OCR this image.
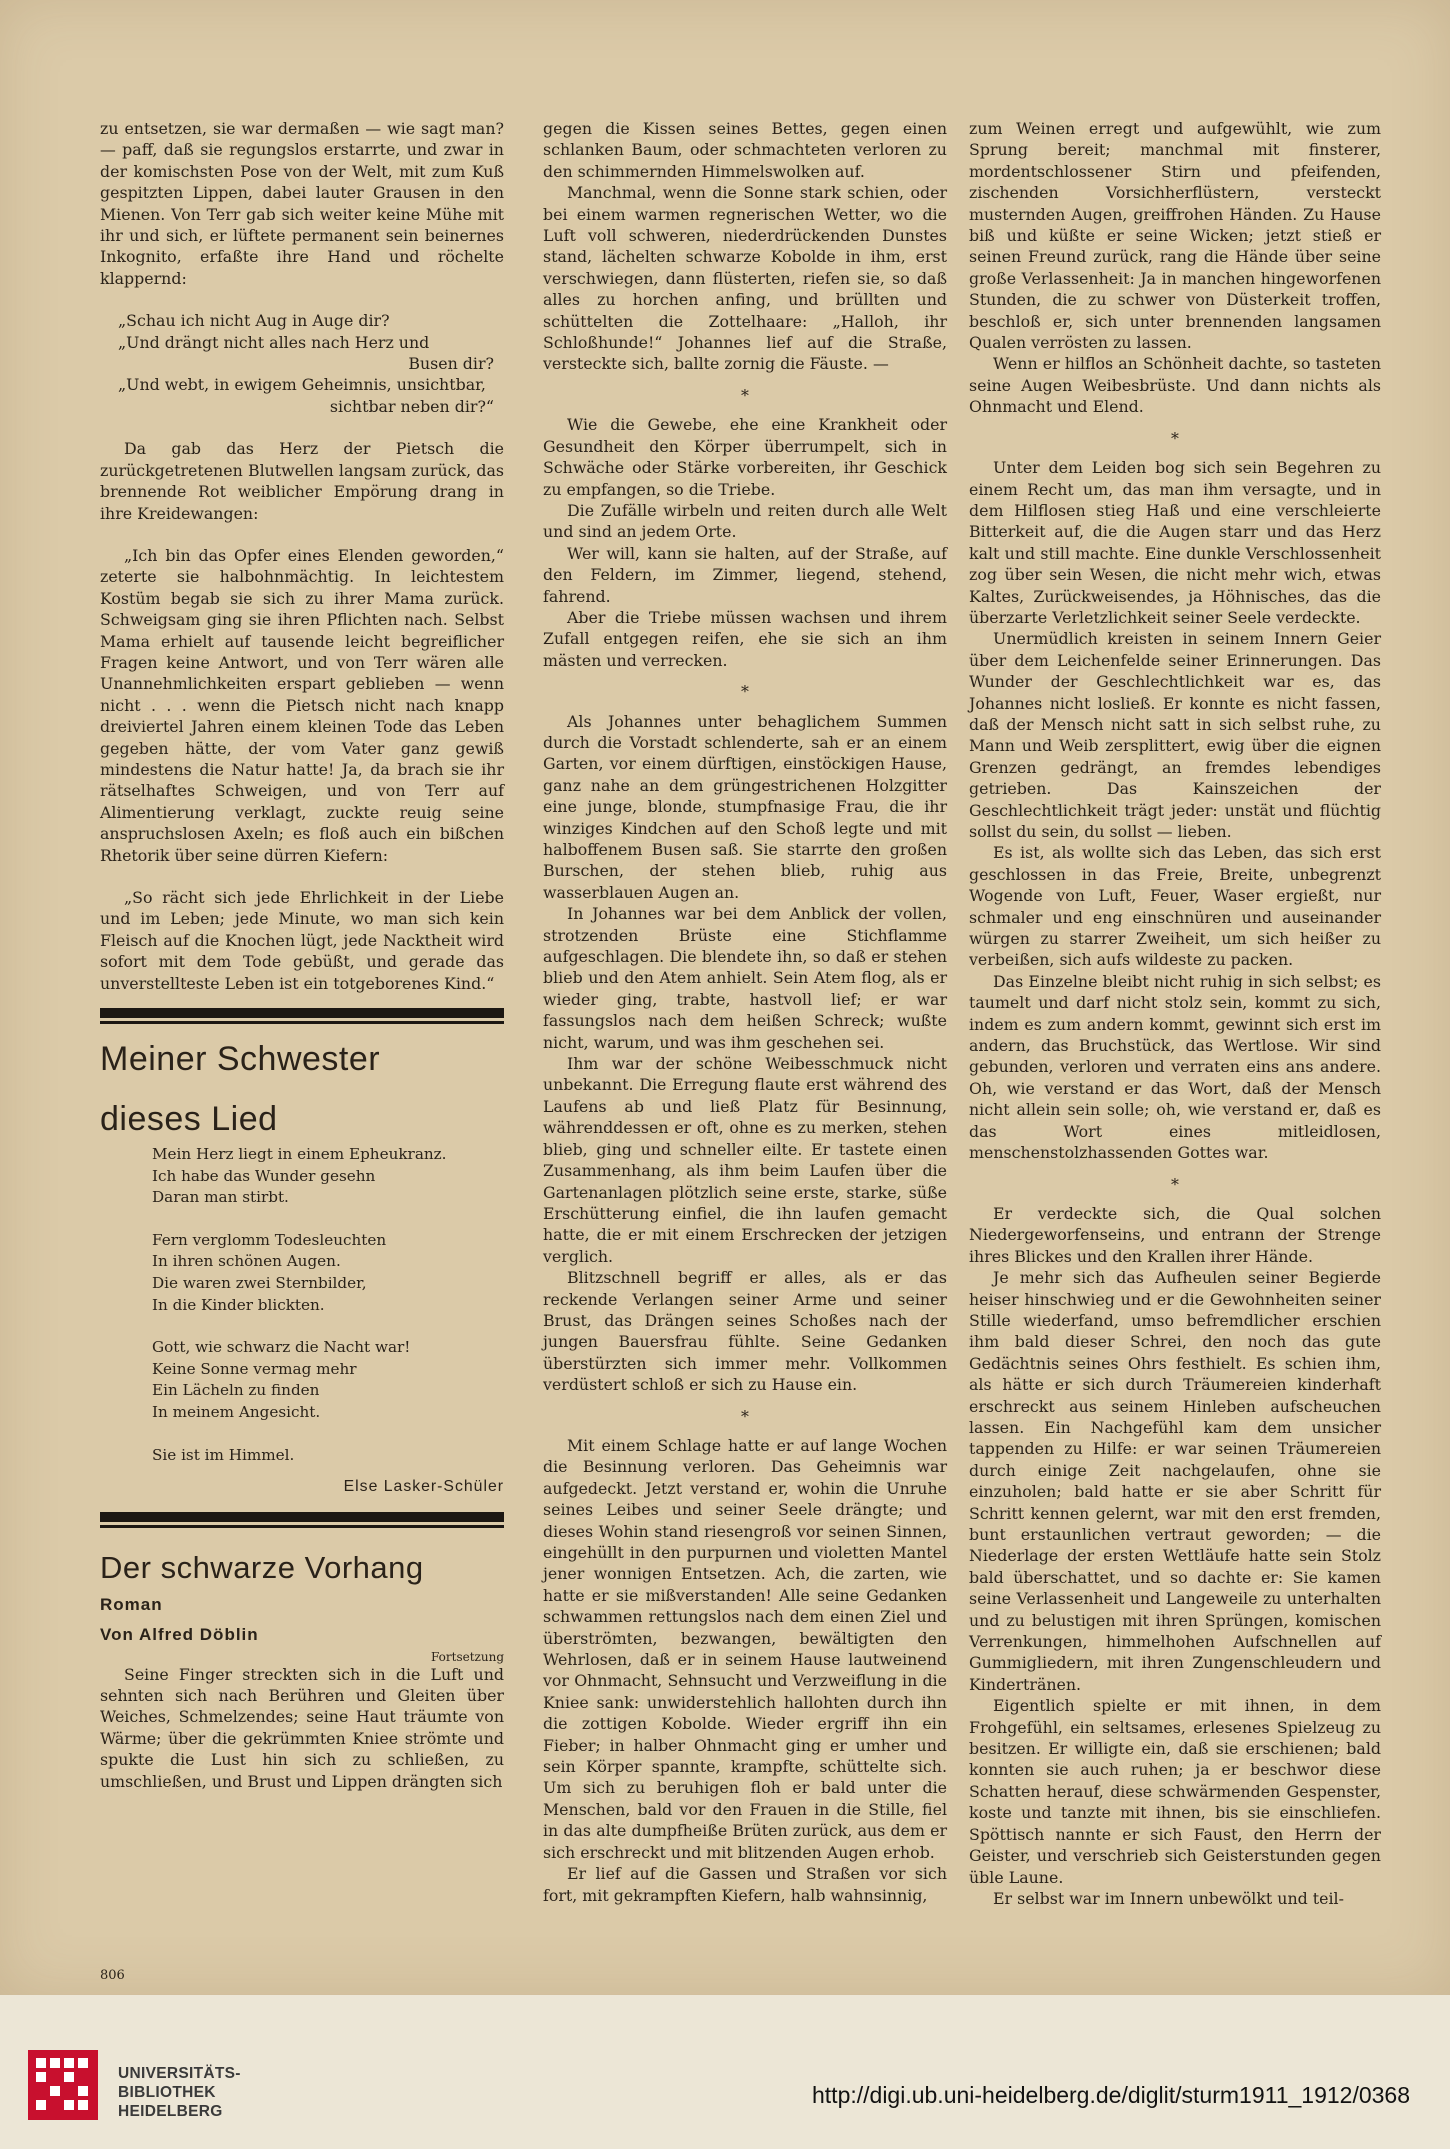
zu entsetzen, sie war dermaßen — wie sagt man? — paff, daß sie regungslos erstarrte, und zwar in der komischsten Pose von der Welt, mit zum Kuß gespitzten Lippen, dabei lauter Grausen in den Mienen. Von Terr gab sich weiter keine Mühe mit ihr und sich, er lüftete permanent sein beinernes Inkognito, erfaßte ihre Hand und röchelte klappernd:

„Schau ich nicht Aug in Auge dir?
„Und drängt nicht alles nach Herz und
Busen dir?
„Und webt, in ewigem Geheimnis, unsichtbar,
sichtbar neben dir?“

Da gab das Herz der Pietsch die zurückgetretenen Blutwellen langsam zurück, das brennende Rot weiblicher Empörung drang in ihre Kreidewangen:

„Ich bin das Opfer eines Elenden geworden,“ zeterte sie halbohnmächtig. In leichtestem Kostüm begab sie sich zu ihrer Mama zurück. Schweigsam ging sie ihren Pflichten nach. Selbst Mama erhielt auf tausende leicht begreiflicher Fragen keine Antwort, und von Terr wären alle Unannehmlichkeiten erspart geblieben — wenn nicht . . . wenn die Pietsch nicht nach knapp dreiviertel Jahren einem kleinen Tode das Leben gegeben hätte, der vom Vater ganz gewiß mindestens die Natur hatte! Ja, da brach sie ihr rätselhaftes Schweigen, und von Terr auf Alimentierung verklagt, zuckte reuig seine anspruchslosen Axeln; es floß auch ein bißchen Rhetorik über seine dürren Kiefern:

„So rächt sich jede Ehrlichkeit in der Liebe und im Leben; jede Minute, wo man sich kein Fleisch auf die Knochen lügt, jede Nacktheit wird sofort mit dem Tode gebüßt, und gerade das unverstellteste Leben ist ein totgeborenes Kind.“

Meiner Schwester
dieses Lied
Mein Herz liegt in einem Epheukranz.
Ich habe das Wunder gesehn
Daran man stirbt.
Fern verglomm Todesleuchten
In ihren schönen Augen.
Die waren zwei Sternbilder,
In die Kinder blickten.
Gott, wie schwarz die Nacht war!
Keine Sonne vermag mehr
Ein Lächeln zu finden
In meinem Angesicht.
Sie ist im Himmel.
Else Lasker-Schüler
Der schwarze Vorhang
Roman
Von Alfred Döblin
Fortsetzung

Seine Finger streckten sich in die Luft und sehnten sich nach Berühren und Gleiten über Weiches, Schmelzendes; seine Haut träumte von Wärme; über die gekrümmten Kniee strömte und spukte die Lust hin sich zu schließen, zu umschließen, und Brust und Lippen drängten sich

gegen die Kissen seines Bettes, gegen einen schlanken Baum, oder schmachteten verloren zu den schimmernden Himmelswolken auf.

Manchmal, wenn die Sonne stark schien, oder bei einem warmen regnerischen Wetter, wo die Luft voll schweren, niederdrückenden Dunstes stand, lächelten schwarze Kobolde in ihm, erst verschwiegen, dann flüsterten, riefen sie, so daß alles zu horchen anfing, und brüllten und schüttelten die Zottelhaare: „Halloh, ihr Schloßhunde!“ Johannes lief auf die Straße, versteckte sich, ballte zornig die Fäuste. —

*

Wie die Gewebe, ehe eine Krankheit oder Gesundheit den Körper überrumpelt, sich in Schwäche oder Stärke vorbereiten, ihr Geschick zu empfangen, so die Triebe.

Die Zufälle wirbeln und reiten durch alle Welt und sind an jedem Orte.

Wer will, kann sie halten, auf der Straße, auf den Feldern, im Zimmer, liegend, stehend, fahrend.

Aber die Triebe müssen wachsen und ihrem Zufall entgegen reifen, ehe sie sich an ihm mästen und verrecken.

*

Als Johannes unter behaglichem Summen durch die Vorstadt schlenderte, sah er an einem Garten, vor einem dürftigen, einstöckigen Hause, ganz nahe an dem grüngestrichenen Holzgitter eine junge, blonde, stumpfnasige Frau, die ihr winziges Kindchen auf den Schoß legte und mit halboffenem Busen saß. Sie starrte den großen Burschen, der stehen blieb, ruhig aus wasserblauen Augen an.

In Johannes war bei dem Anblick der vollen, strotzenden Brüste eine Stichflamme aufgeschlagen. Die blendete ihn, so daß er stehen blieb und den Atem anhielt. Sein Atem flog, als er wieder ging, trabte, hastvoll lief; er war fassungslos nach dem heißen Schreck; wußte nicht, warum, und was ihm geschehen sei.

Ihm war der schöne Weibesschmuck nicht unbekannt. Die Erregung flaute erst während des Laufens ab und ließ Platz für Besinnung, währenddessen er oft, ohne es zu merken, stehen blieb, ging und schneller eilte. Er tastete einen Zusammenhang, als ihm beim Laufen über die Gartenanlagen plötzlich seine erste, starke, süße Erschütterung einfiel, die ihn laufen gemacht hatte, die er mit einem Erschrecken der jetzigen verglich.

Blitzschnell begriff er alles, als er das reckende Verlangen seiner Arme und seiner Brust, das Drängen seines Schoßes nach der jungen Bauersfrau fühlte. Seine Gedanken überstürzten sich immer mehr. Vollkommen verdüstert schloß er sich zu Hause ein.

*

Mit einem Schlage hatte er auf lange Wochen die Besinnung verloren. Das Geheimnis war aufgedeckt. Jetzt verstand er, wohin die Unruhe seines Leibes und seiner Seele drängte; und dieses Wohin stand riesengroß vor seinen Sinnen, eingehüllt in den purpurnen und violetten Mantel jener wonnigen Entsetzen. Ach, die zarten, wie hatte er sie mißverstanden! Alle seine Gedanken schwammen rettungslos nach dem einen Ziel und überströmten, bezwangen, bewältigten den Wehrlosen, daß er in seinem Hause lautweinend vor Ohnmacht, Sehnsucht und Verzweiflung in die Kniee sank: unwiderstehlich hallohten durch ihn die zottigen Kobolde. Wieder ergriff ihn ein Fieber; in halber Ohnmacht ging er umher und sein Körper spannte, krampfte, schüttelte sich. Um sich zu beruhigen floh er bald unter die Menschen, bald vor den Frauen in die Stille, fiel in das alte dumpfheiße Brüten zurück, aus dem er sich erschreckt und mit blitzenden Augen erhob.

Er lief auf die Gassen und Straßen vor sich fort, mit gekrampften Kiefern, halb wahnsinnig,

zum Weinen erregt und aufgewühlt, wie zum Sprung bereit; manchmal mit finsterer, mordentschlossener Stirn und pfeifenden, zischenden Vorsichherflüstern, versteckt musternden Augen, greiffrohen Händen. Zu Hause biß und küßte er seine Wicken; jetzt stieß er seinen Freund zurück, rang die Hände über seine große Verlassenheit: Ja in manchen hingeworfenen Stunden, die zu schwer von Düsterkeit troffen, beschloß er, sich unter brennenden langsamen Qualen verrösten zu lassen.

Wenn er hilflos an Schönheit dachte, so tasteten seine Augen Weibesbrüste. Und dann nichts als Ohnmacht und Elend.

*

Unter dem Leiden bog sich sein Begehren zu einem Recht um, das man ihm versagte, und in dem Hilflosen stieg Haß und eine verschleierte Bitterkeit auf, die die Augen starr und das Herz kalt und still machte. Eine dunkle Verschlossenheit zog über sein Wesen, die nicht mehr wich, etwas Kaltes, Zurückweisendes, ja Höhnisches, das die überzarte Verletzlichkeit seiner Seele verdeckte.

Unermüdlich kreisten in seinem Innern Geier über dem Leichenfelde seiner Erinnerungen. Das Wunder der Geschlechtlichkeit war es, das Johannes nicht losließ. Er konnte es nicht fassen, daß der Mensch nicht satt in sich selbst ruhe, zu Mann und Weib zersplittert, ewig über die eignen Grenzen gedrängt, an fremdes lebendiges getrieben. Das Kainszeichen der Geschlechtlichkeit trägt jeder: unstät und flüchtig sollst du sein, du sollst — lieben.

Es ist, als wollte sich das Leben, das sich erst geschlossen in das Freie, Breite, unbegrenzt Wogende von Luft, Feuer, Waser ergießt, nur schmaler und eng einschnüren und auseinander würgen zu starrer Zweiheit, um sich heißer zu verbeißen, sich aufs wildeste zu packen.

Das Einzelne bleibt nicht ruhig in sich selbst; es taumelt und darf nicht stolz sein, kommt zu sich, indem es zum andern kommt, gewinnt sich erst im andern, das Bruchstück, das Wertlose. Wir sind gebunden, verloren und verraten eins ans andere. Oh, wie verstand er das Wort, daß der Mensch nicht allein sein solle; oh, wie verstand er, daß es das Wort eines mitleidlosen, menschenstolzhassenden Gottes war.

*

Er verdeckte sich, die Qual solchen Niedergeworfenseins, und entrann der Strenge ihres Blickes und den Krallen ihrer Hände.

Je mehr sich das Aufheulen seiner Begierde heiser hinschwieg und er die Gewohnheiten seiner Stille wiederfand, umso befremdlicher erschien ihm bald dieser Schrei, den noch das gute Gedächtnis seines Ohrs festhielt. Es schien ihm, als hätte er sich durch Träumereien kinderhaft erschreckt aus seinem Hinleben aufscheuchen lassen. Ein Nachgefühl kam dem unsicher tappenden zu Hilfe: er war seinen Träumereien durch einige Zeit nachgelaufen, ohne sie einzuholen; bald hatte er sie aber Schritt für Schritt kennen gelernt, war mit den erst fremden, bunt erstaunlichen vertraut geworden; — die Niederlage der ersten Wettläufe hatte sein Stolz bald überschattet, und so dachte er: Sie kamen seine Verlassenheit und Langeweile zu unterhalten und zu belustigen mit ihren Sprüngen, komischen Verrenkungen, himmelhohen Aufschnellen auf Gummigliedern, mit ihren Zungenschleudern und Kindertränen.

Eigentlich spielte er mit ihnen, in dem Frohgefühl, ein seltsames, erlesenes Spielzeug zu besitzen. Er willigte ein, daß sie erschienen; bald konnten sie auch ruhen; ja er beschwor diese Schatten herauf, diese schwärmenden Gespenster, koste und tanzte mit ihnen, bis sie einschliefen. Spöttisch nannte er sich Faust, den Herrn der Geister, und verschrieb sich Geisterstunden gegen üble Laune.

Er selbst war im Innern unbewölkt und teil-

806
UNIVERSITÄTS-
BIBLIOTHEK
HEIDELBERG
http://digi.ub.uni-heidelberg.de/diglit/sturm1911_1912/0368
